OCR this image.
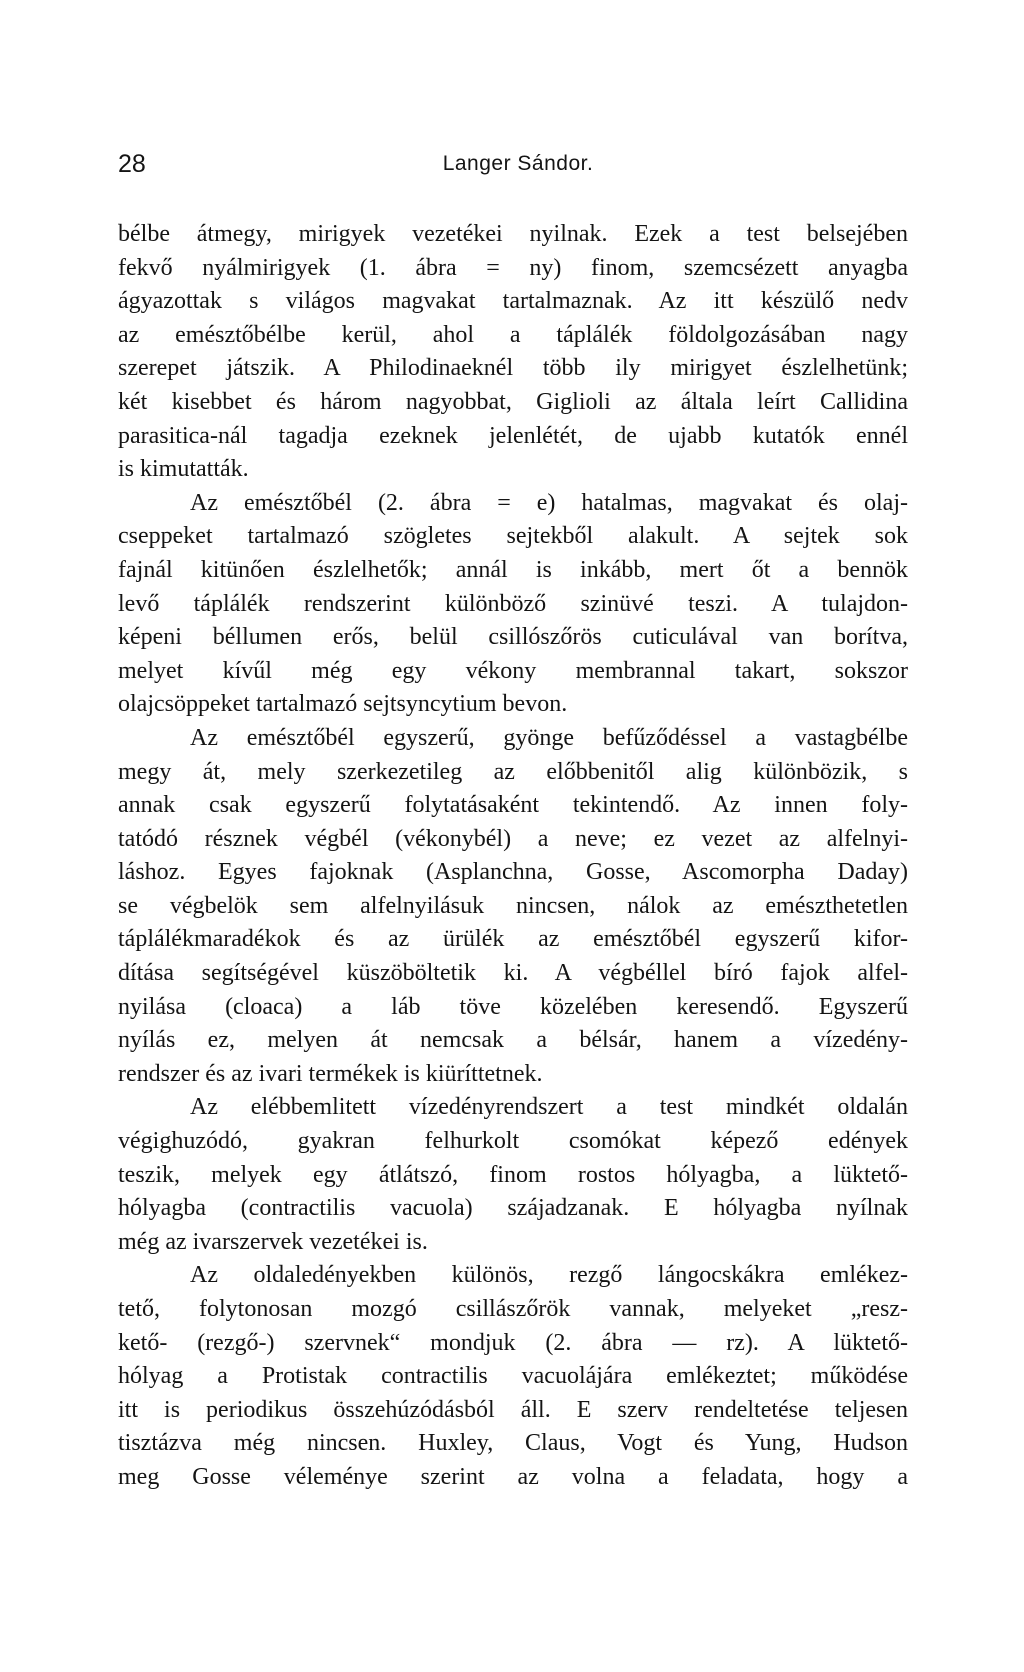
28	Langer Sándor.
bélbe átmegy, mirigyek vezetékei nyilnak. Ezek a test belsejében
fekvő nyálmirigyek (1. ábra = ny) finom, szemcsézett anyagba
ágyazottak s világos magvakat tartalmaznak. Az itt készülő nedv
az emésztőbélbe kerül, ahol a táplálék földolgozásában nagy
szerepet játszik. A Philodinaeknél több ily mirigyet észlelhetünk;
két kisebbet és három nagyobbat, Giglioli az általa leírt Callidina
parasitica-nál tagadja ezeknek jelenlétét, de ujabb kutatók ennél
is kimutatták.
Az emésztőbél (2. ábra = e) hatalmas, magvakat és olaj-
cseppeket tartalmazó szögletes sejtekből alakult. A sejtek sok
fajnál kitünően észlelhetők; annál is inkább, mert őt a bennök
levő táplálék rendszerint különböző szinüvé teszi. A tulajdon-
képeni béllumen erős, belül csillószőrös cuticulával van borítva,
melyet kívűl még egy vékony membrannal takart, sokszor
olajcsöppeket tartalmazó sejtsyncytium bevon.
Az emésztőbél egyszerű, gyönge befűződéssel a vastagbélbe
megy át, mely szerkezetileg az előbbenitől alig különbözik, s
annak csak egyszerű folytatásaként tekintendő. Az innen foly-
tatódó résznek végbél (vékonybél) a neve; ez vezet az alfelnyi-
láshoz. Egyes fajoknak (Asplanchna, Gosse, Ascomorpha Daday)
se végbelök sem alfelnyilásuk nincsen, nálok az emészthetetlen
táplálékmaradékok és az ürülék az emésztőbél egyszerű kifor-
dítása segítségével küszöböltetik ki. A végbéllel bíró fajok alfel-
nyilása (cloaca) a láb töve közelében keresendő. Egyszerű
nyílás ez, melyen át nemcsak a bélsár, hanem a vízedény-
rendszer és az ivari termékek is kiüríttetnek.
Az elébbemlitett vízedényrendszert a test mindkét oldalán
végighuzódó, gyakran felhurkolt csomókat képező edények
teszik, melyek egy átlátszó, finom rostos hólyagba, a lüktető-
hólyagba (contractilis vacuola) szájadzanak. E hólyagba nyílnak
még az ivarszervek vezetékei is.
Az oldaledényekben különös, rezgő lángocskákra emlékez-
tető, folytonosan mozgó csillászőrök vannak, melyeket „resz-
kető- (rezgő-) szervnek“ mondjuk (2. ábra — rz). A lüktető-
hólyag a Protistak contractilis vacuolájára emlékeztet; működése
itt is periodikus összehúzódásból áll. E szerv rendeltetése teljesen
tisztázva még nincsen. Huxley, Claus, Vogt és Yung, Hudson
meg Gosse véleménye szerint az volna a feladata, hogy a
